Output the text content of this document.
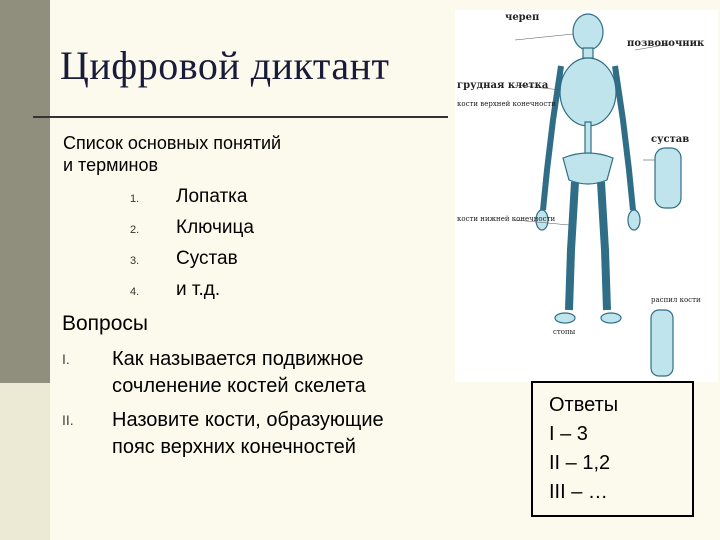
Цифровой диктант
Список основных понятий
и терминов
1.	Лопатка
2.	Ключица
3.	Сустав
4.	и т.д.
Вопросы
I. Как называется подвижное
сочленение костей скелета
II. Назовите кости, образующие
пояс верхних конечностей
череп
позвоночник
грудная клетка
кости верхней конечности
сустав
кости нижней конечности
распил кости
стопы
Ответы
I – 3
II – 1,2
III – …
